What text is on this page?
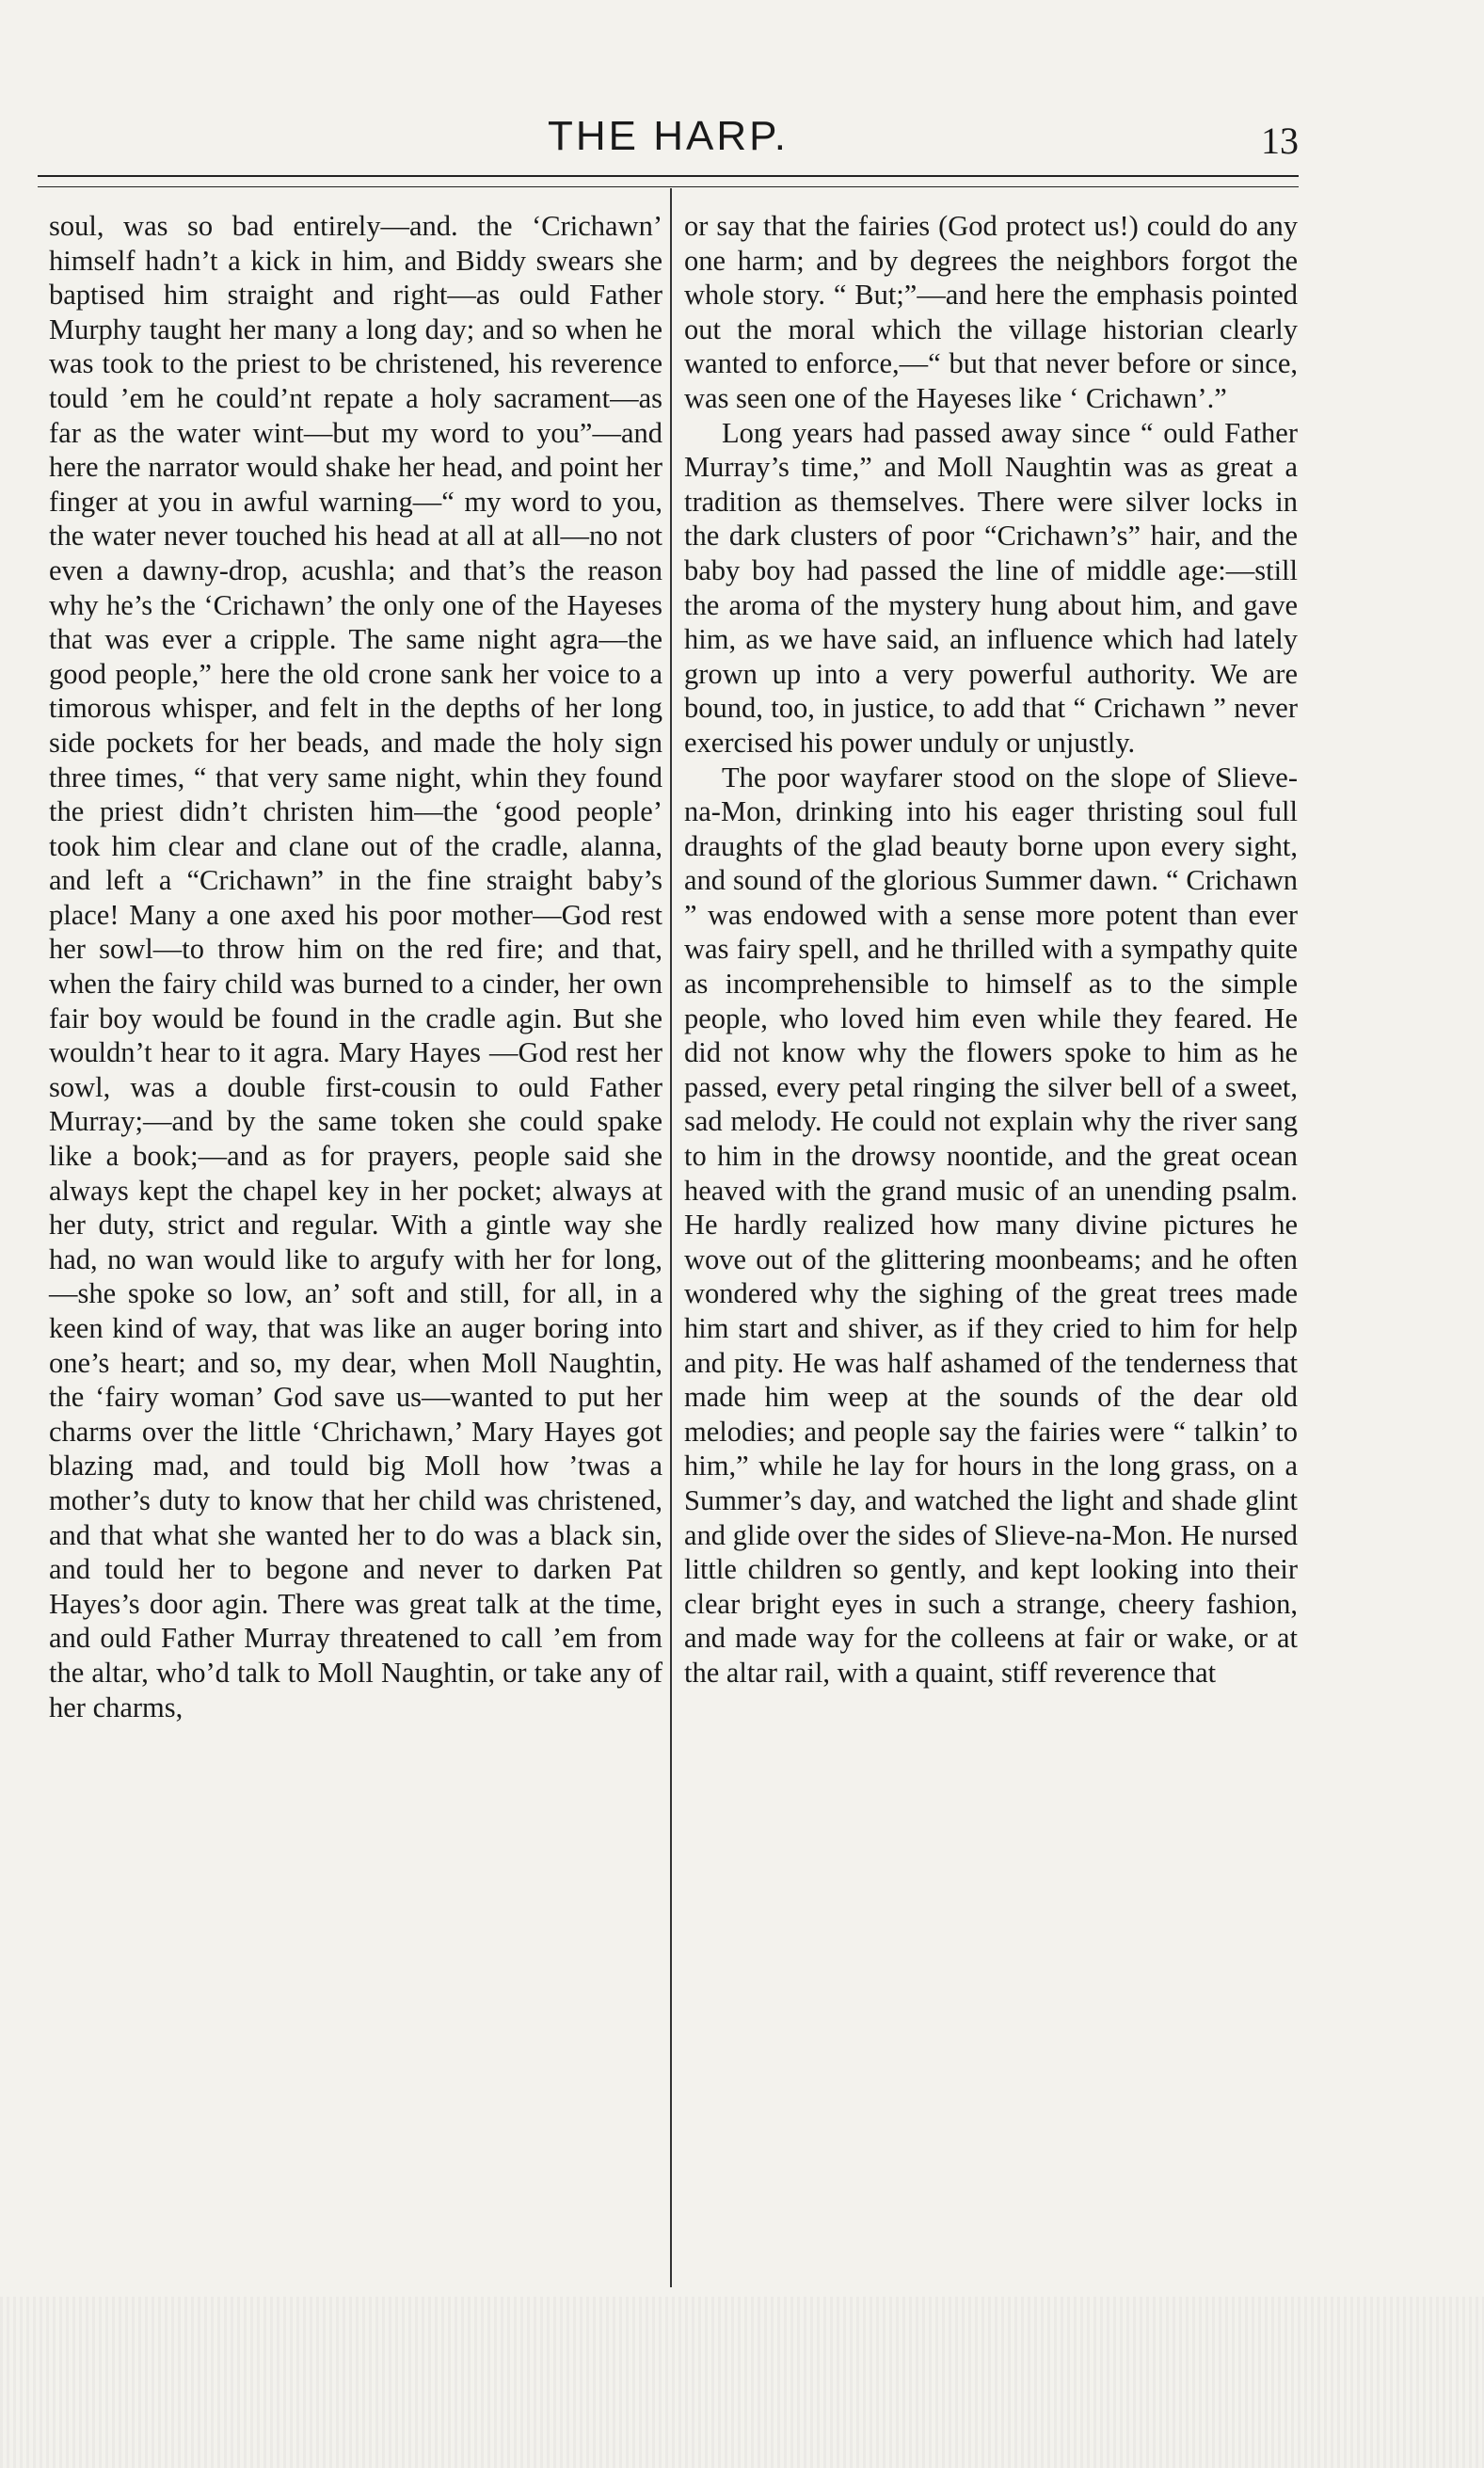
THE HARP.	13

soul, was so bad entirely—and. the ‘Crichawn’ himself hadn’t a kick in him, and Biddy swears she baptised him straight and right—as ould Father Murphy taught her many a long day; and so when he was took to the priest to be christened, his reverence tould ’em he could’nt repate a holy sacrament—as far as the water wint—but my word to you”—and here the narrator would shake her head, and point her finger at you in awful warning—“ my word to you, the water never touched his head at all at all—no not even a dawny-drop, acushla; and that’s the reason why he’s the ‘Crichawn’ the only one of the Hayeses that was ever a cripple. The same night agra—the good people,” here the old crone sank her voice to a timorous whisper, and felt in the depths of her long side pockets for her beads, and made the holy sign three times, “ that very same night, whin they found the priest didn’t christen him—the ‘good people’ took him clear and clane out of the cradle, alanna, and left a “Crichawn” in the fine straight baby’s place! Many a one axed his poor mother—God rest her sowl—to throw him on the red fire; and that, when the fairy child was burned to a cinder, her own fair boy would be found in the cradle agin. But she wouldn’t hear to it agra. Mary Hayes —God rest her sowl, was a double first-cousin to ould Father Murray;—and by the same token she could spake like a book;—and as for prayers, people said she always kept the chapel key in her pocket; always at her duty, strict and regular. With a gintle way she had, no wan would like to argufy with her for long,—she spoke so low, an’ soft and still, for all, in a keen kind of way, that was like an auger boring into one’s heart; and so, my dear, when Moll Naughtin, the ‘fairy woman’ God save us—wanted to put her charms over the little ‘Chrichawn,’ Mary Hayes got blazing mad, and tould big Moll how ’twas a mother’s duty to know that her child was christened, and that what she wanted her to do was a black sin, and tould her to begone and never to darken Pat Hayes’s door agin. There was great talk at the time, and ould Father Murray threatened to call ’em from the altar, who’d talk to Moll Naughtin, or take any of her charms,

or say that the fairies (God protect us!) could do any one harm; and by degrees the neighbors forgot the whole story. “ But;”—and here the emphasis pointed out the moral which the village historian clearly wanted to enforce,—“ but that never before or since, was seen one of the Hayeses like ‘ Crichawn’.”

Long years had passed away since “ ould Father Murray’s time,” and Moll Naughtin was as great a tradition as themselves. There were silver locks in the dark clusters of poor “Crichawn’s” hair, and the baby boy had passed the line of middle age:—still the aroma of the mystery hung about him, and gave him, as we have said, an influence which had lately grown up into a very powerful authority. We are bound, too, in justice, to add that “ Crichawn ” never exercised his power unduly or unjustly.

The poor wayfarer stood on the slope of Slieve-na-Mon, drinking into his eager thristing soul full draughts of the glad beauty borne upon every sight, and sound of the glorious Summer dawn. “ Crichawn ” was endowed with a sense more potent than ever was fairy spell, and he thrilled with a sympathy quite as incomprehensible to himself as to the simple people, who loved him even while they feared. He did not know why the flowers spoke to him as he passed, every petal ringing the silver bell of a sweet, sad melody. He could not explain why the river sang to him in the drowsy noontide, and the great ocean heaved with the grand music of an unending psalm. He hardly realized how many divine pictures he wove out of the glittering moonbeams; and he often wondered why the sighing of the great trees made him start and shiver, as if they cried to him for help and pity. He was half ashamed of the tenderness that made him weep at the sounds of the dear old melodies; and people say the fairies were “ talkin’ to him,” while he lay for hours in the long grass, on a Summer’s day, and watched the light and shade glint and glide over the sides of Slieve-na-Mon. He nursed little children so gently, and kept looking into their clear bright eyes in such a strange, cheery fashion, and made way for the colleens at fair or wake, or at the altar rail, with a quaint, stiff reverence that
